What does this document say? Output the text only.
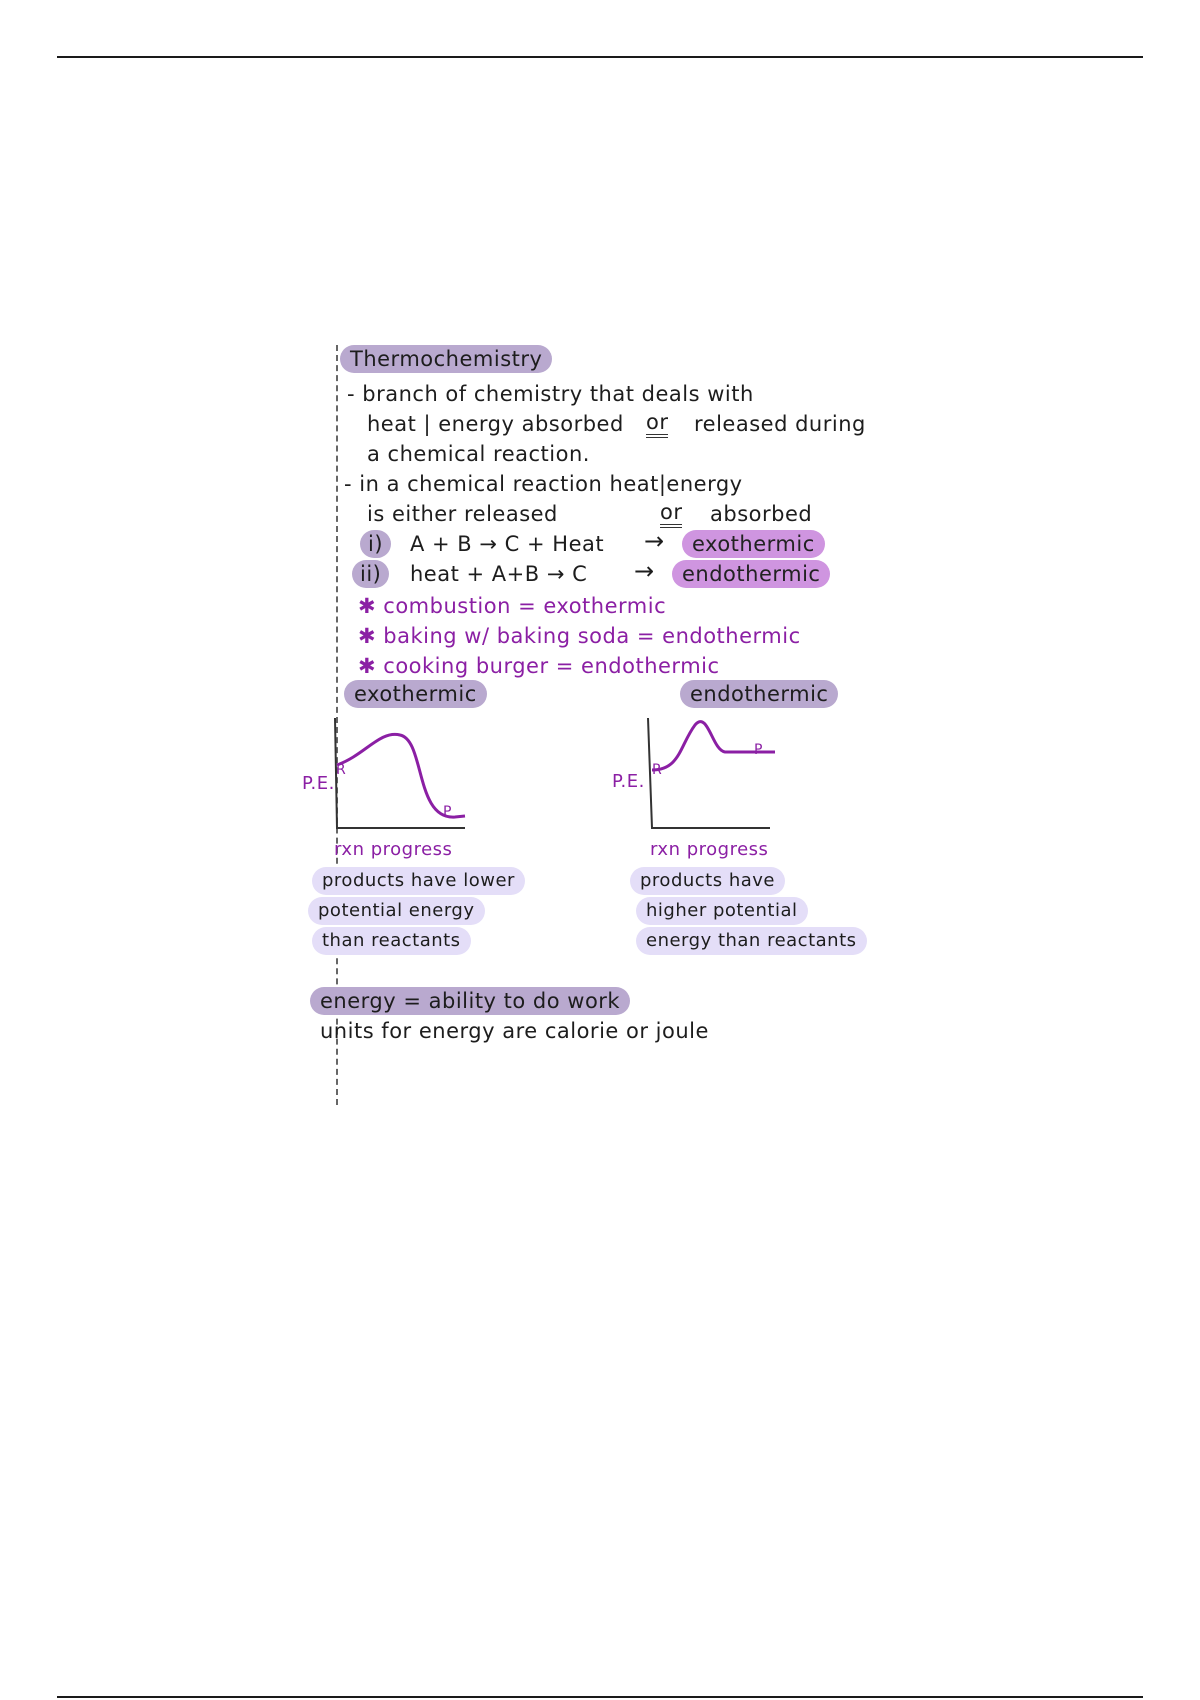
Thermochemistry
- branch of chemistry that deals with
heat | energy absorbed or released during
a chemical reaction.
- in a chemical reaction heat|energy
is either released	or absorbed
i)	A + B → C + Heat →	exothermic
ii)	heat + A+B → C →	endothermic
✱ combustion = exothermic
✱ baking w/ baking soda = endothermic
✱ cooking burger = endothermic
exothermic	endothermic
P.E.
R
P
rxn progress
P.E.
R
P
rxn progress
products have lower
potential energy
than reactants
products have
higher potential
energy than reactants
energy = ability to do work
units for energy are calorie or joule
